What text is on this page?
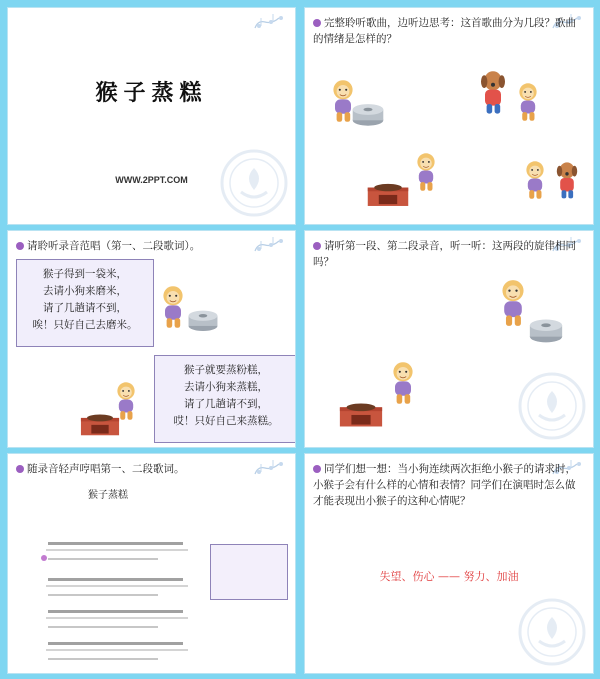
猴子蒸糕
WWW.2PPT.COM
完整聆听歌曲，边听边思考：这首歌曲分为几段？歌曲的情绪是怎样的？
请聆听录音范唱（第一、二段歌词）。
猴子得到一袋米，
去请小狗来磨米，
请了几趟请不到，
唉！只好自己去磨米。
猴子就要蒸粉糕，
去请小狗来蒸糕，
请了几趟请不到，
哎！只好自己来蒸糕。
请听第一段、第二段录音，听一听：这两段的旋律相同吗？
随录音轻声哼唱第一、二段歌词。
猴子蒸糕
同学们想一想：当小狗连续两次拒绝小猴子的请求时，小猴子会有什么样的心情和表情？同学们在演唱时怎么做才能表现出小猴子的这种心情呢？
失望、伤心 —— 努力、加油
